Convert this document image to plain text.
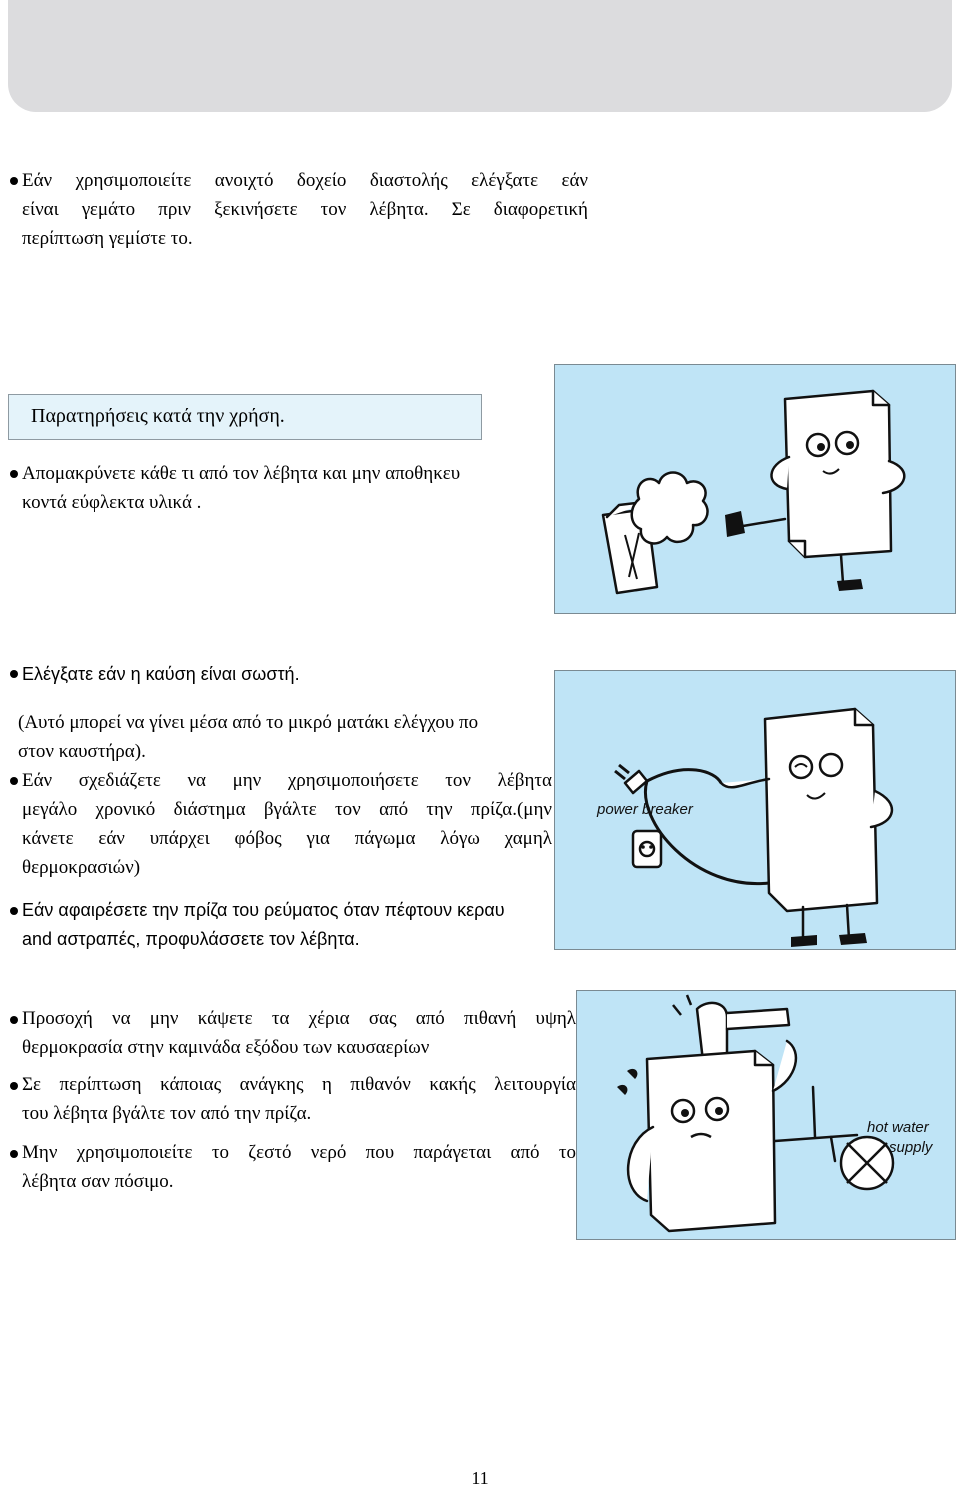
Εάν χρησιμοποιείτε ανοιχτό δοχείο διαστολής ελέγξατε εάν
είναι γεμάτο πριν ξεκινήσετε τον λέβητα. Σε διαφορετική
περίπτωση γεμίστε το.

Παρατηρήσεις κατά την χρήση.

Απομακρύνετε κάθε τι από τον λέβητα και μην αποθηκευ
κοντά εύφλεκτα υλικά .

Ελέγξατε εάν η καύση είναι σωστή.

(Αυτό μπορεί να γίνει μέσα από το μικρό ματάκι ελέγχου πο
στον καυστήρα).

Εάν σχεδιάζετε να μην χρησιμοποιήσετε τον λέβητα
μεγάλο χρονικό διάστημα βγάλτε τον από την πρίζα.(μην
κάνετε εάν υπάρχει φόβος για πάγωμα λόγω χαμηλ
θερμοκρασιών)

Εάν αφαιρέσετε την πρίζα του ρεύματος όταν πέφτουν κεραυ
and αστραπές, προφυλάσσετε τον λέβητα.

power breaker

Προσοχή να μην κάψετε τα χέρια σας από πιθανή υψηλ
θερμοκρασία στην καμινάδα εξόδου των καυσαερίων

Σε περίπτωση κάποιας ανάγκης η πιθανόν κακής λειτουργία
του λέβητα βγάλτε τον από την πρίζα.

Μην χρησιμοποιείτε το ζεστό νερό που παράγεται από το
λέβητα σαν πόσιμο.

hot water
supply
11
